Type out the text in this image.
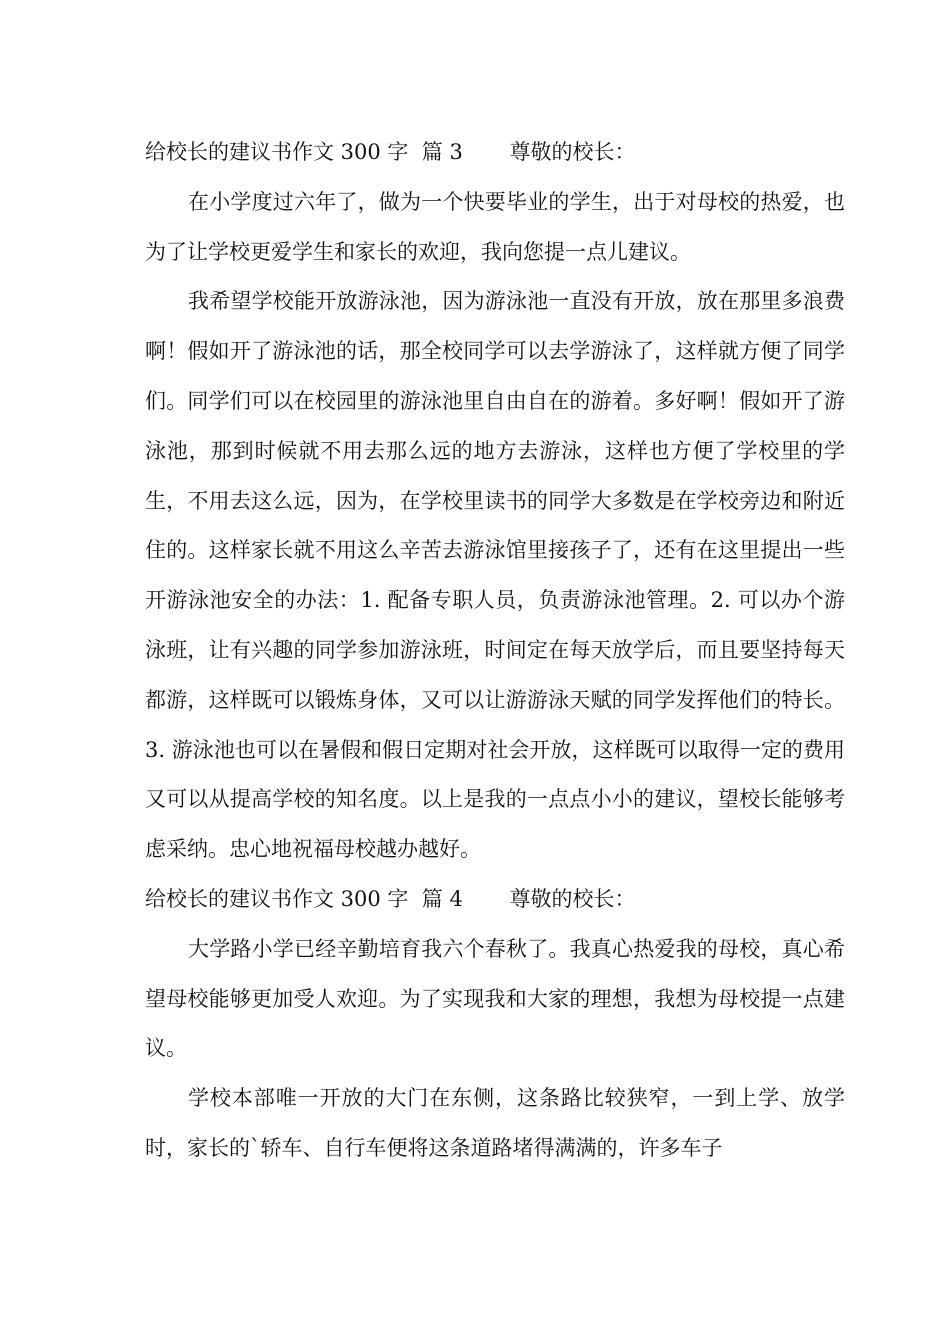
给校长的建议书作文 300 字  篇 3       尊敬的校长：

在小学度过六年了，做为一个快要毕业的学生，出于对母校的热爱，也为了让学校更爱学生和家长的欢迎，我向您提一点儿建议。

我希望学校能开放游泳池，因为游泳池一直没有开放，放在那里多浪费啊！假如开了游泳池的话，那全校同学可以去学游泳了，这样就方便了同学们。同学们可以在校园里的游泳池里自由自在的游着。多好啊！假如开了游泳池，那到时候就不用去那么远的地方去游泳，这样也方便了学校里的学生，不用去这么远，因为，在学校里读书的同学大多数是在学校旁边和附近住的。这样家长就不用这么辛苦去游泳馆里接孩子了，还有在这里提出一些开游泳池安全的办法：1. 配备专职人员，负责游泳池管理。2. 可以办个游泳班，让有兴趣的同学参加游泳班，时间定在每天放学后，而且要坚持每天都游，这样既可以锻炼身体，又可以让游游泳天赋的同学发挥他们的特长。3. 游泳池也可以在暑假和假日定期对社会开放，这样既可以取得一定的费用又可以从提高学校的知名度。以上是我的一点点小小的建议，望校长能够考虑采纳。忠心地祝福母校越办越好。

给校长的建议书作文 300 字  篇 4       尊敬的校长：

大学路小学已经辛勤培育我六个春秋了。我真心热爱我的母校，真心希望母校能够更加受人欢迎。为了实现我和大家的理想，我想为母校提一点建议。

学校本部唯一开放的大门在东侧，这条路比较狭窄，一到上学、放学时，家长的`轿车、自行车便将这条道路堵得满满的，许多车子
